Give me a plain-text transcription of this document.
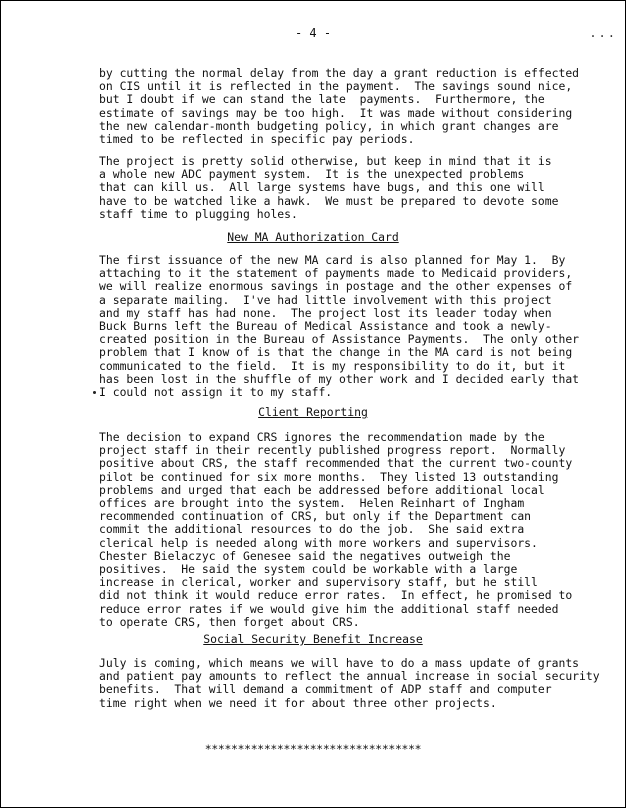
- 4 -	...

by cutting the normal delay from the day a grant reduction is effected
on CIS until it is reflected in the payment.  The savings sound nice,
but I doubt if we can stand the late  payments.  Furthermore, the
estimate of savings may be too high.  It was made without considering
the new calendar-month budgeting policy, in which grant changes are
timed to be reflected in specific pay periods.

The project is pretty solid otherwise, but keep in mind that it is
a whole new ADC payment system.  It is the unexpected problems
that can kill us.  All large systems have bugs, and this one will
have to be watched like a hawk.  We must be prepared to devote some
staff time to plugging holes.

New MA Authorization Card

The first issuance of the new MA card is also planned for May 1.  By
attaching to it the statement of payments made to Medicaid providers,
we will realize enormous savings in postage and the other expenses of
a separate mailing.  I've had little involvement with this project
and my staff has had none.  The project lost its leader today when
Buck Burns left the Bureau of Medical Assistance and took a newly-
created position in the Bureau of Assistance Payments.  The only other
problem that I know of is that the change in the MA card is not being
communicated to the field.  It is my responsibility to do it, but it
has been lost in the shuffle of my other work and I decided early that
I could not assign it to my staff.

Client Reporting

The decision to expand CRS ignores the recommendation made by the
project staff in their recently published progress report.  Normally
positive about CRS, the staff recommended that the current two-county
pilot be continued for six more months.  They listed 13 outstanding
problems and urged that each be addressed before additional local
offices are brought into the system.  Helen Reinhart of Ingham
recommended continuation of CRS, but only if the Department can
commit the additional resources to do the job.  She said extra
clerical help is needed along with more workers and supervisors.
Chester Bielaczyc of Genesee said the negatives outweigh the
positives.  He said the system could be workable with a large
increase in clerical, worker and supervisory staff, but he still
did not think it would reduce error rates.  In effect, he promised to
reduce error rates if we would give him the additional staff needed
to operate CRS, then forget about CRS.

Social Security Benefit Increase

July is coming, which means we will have to do a mass update of grants
and patient pay amounts to reflect the annual increase in social security
benefits.  That will demand a commitment of ADP staff and computer
time right when we need it for about three other projects.

*********************************
